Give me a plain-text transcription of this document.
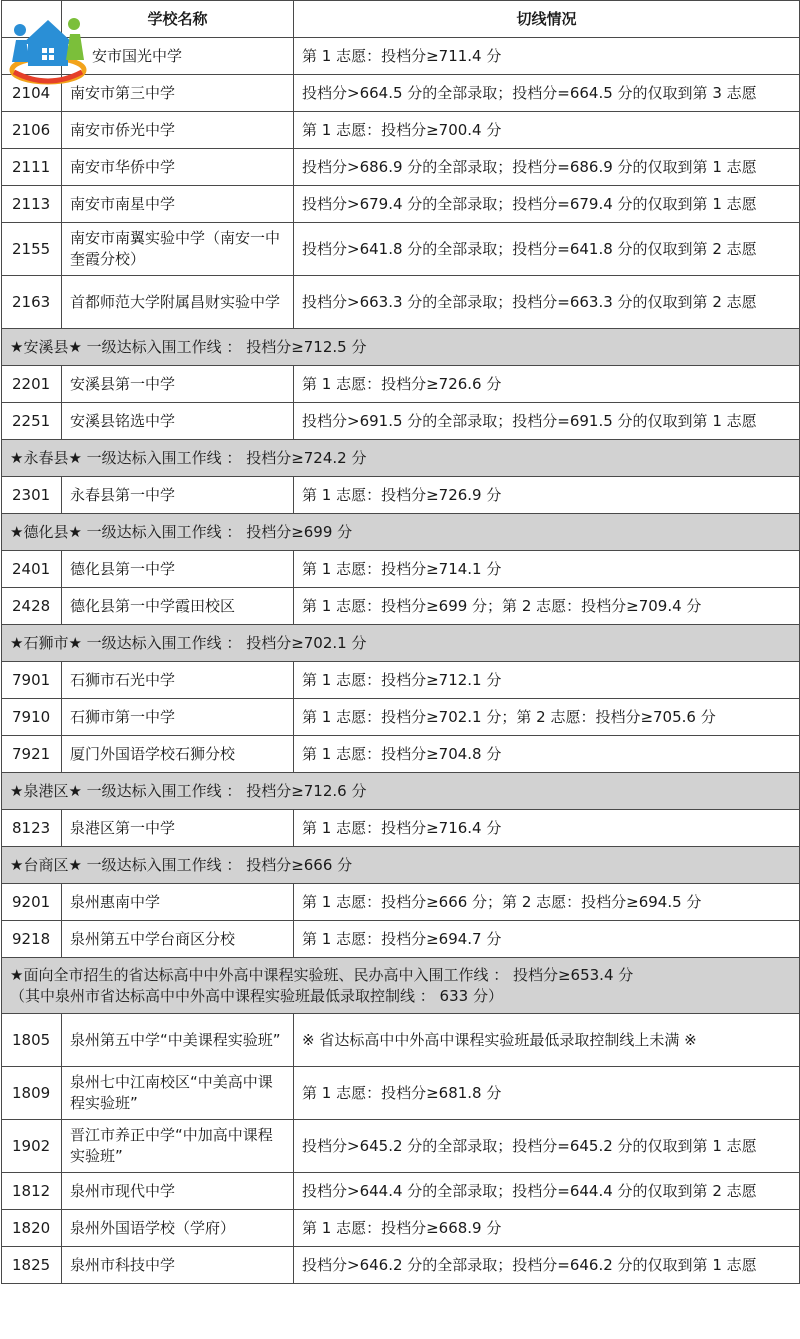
	学校名称	切线情况
	安市国光中学	第 1 志愿：投档分≥711.4 分
2104	南安市第三中学	投档分>664.5 分的全部录取；投档分=664.5 分的仅取到第 3 志愿
2106	南安市侨光中学	第 1 志愿：投档分≥700.4 分
2111	南安市华侨中学	投档分>686.9 分的全部录取；投档分=686.9 分的仅取到第 1 志愿
2113	南安市南星中学	投档分>679.4 分的全部录取；投档分=679.4 分的仅取到第 1 志愿
2155	南安市南翼实验中学（南安一中奎霞分校）	投档分>641.8 分的全部录取；投档分=641.8 分的仅取到第 2 志愿
2163	首都师范大学附属昌财实验中学	投档分>663.3 分的全部录取；投档分=663.3 分的仅取到第 2 志愿
★安溪县★ 一级达标入围工作线 ： 投档分≥712.5 分		
2201	安溪县第一中学	第 1 志愿：投档分≥726.6 分
2251	安溪县铭选中学	投档分>691.5 分的全部录取；投档分=691.5 分的仅取到第 1 志愿
★永春县★ 一级达标入围工作线 ： 投档分≥724.2 分		
2301	永春县第一中学	第 1 志愿：投档分≥726.9 分
★德化县★ 一级达标入围工作线 ： 投档分≥699 分		
2401	德化县第一中学	第 1 志愿：投档分≥714.1 分
2428	德化县第一中学霞田校区	第 1 志愿：投档分≥699 分；第 2 志愿：投档分≥709.4 分
★石狮市★ 一级达标入围工作线 ： 投档分≥702.1 分		
7901	石狮市石光中学	第 1 志愿：投档分≥712.1 分
7910	石狮市第一中学	第 1 志愿：投档分≥702.1 分；第 2 志愿：投档分≥705.6 分
7921	厦门外国语学校石狮分校	第 1 志愿：投档分≥704.8 分
★泉港区★ 一级达标入围工作线 ： 投档分≥712.6 分		
8123	泉港区第一中学	第 1 志愿：投档分≥716.4 分
★台商区★ 一级达标入围工作线 ： 投档分≥666 分		
9201	泉州惠南中学	第 1 志愿：投档分≥666 分；第 2 志愿：投档分≥694.5 分
9218	泉州第五中学台商区分校	第 1 志愿：投档分≥694.7 分

★面向全市招生的省达标高中中外高中课程实验班、民办高中入围工作线 ： 投档分≥653.4 分
（其中泉州市省达标高中中外高中课程实验班最低录取控制线 ： 633 分）		

1805	泉州第五中学“中美课程实验班”	※ 省达标高中中外高中课程实验班最低录取控制线上未满 ※
1809	泉州七中江南校区“中美高中课程实验班”	第 1 志愿：投档分≥681.8 分
1902	晋江市养正中学“中加高中课程实验班”	投档分>645.2 分的全部录取；投档分=645.2 分的仅取到第 1 志愿
1812	泉州市现代中学	投档分>644.4 分的全部录取；投档分=644.4 分的仅取到第 2 志愿
1820	泉州外国语学校（学府）	第 1 志愿：投档分≥668.9 分
1825	泉州市科技中学	投档分>646.2 分的全部录取；投档分=646.2 分的仅取到第 1 志愿
